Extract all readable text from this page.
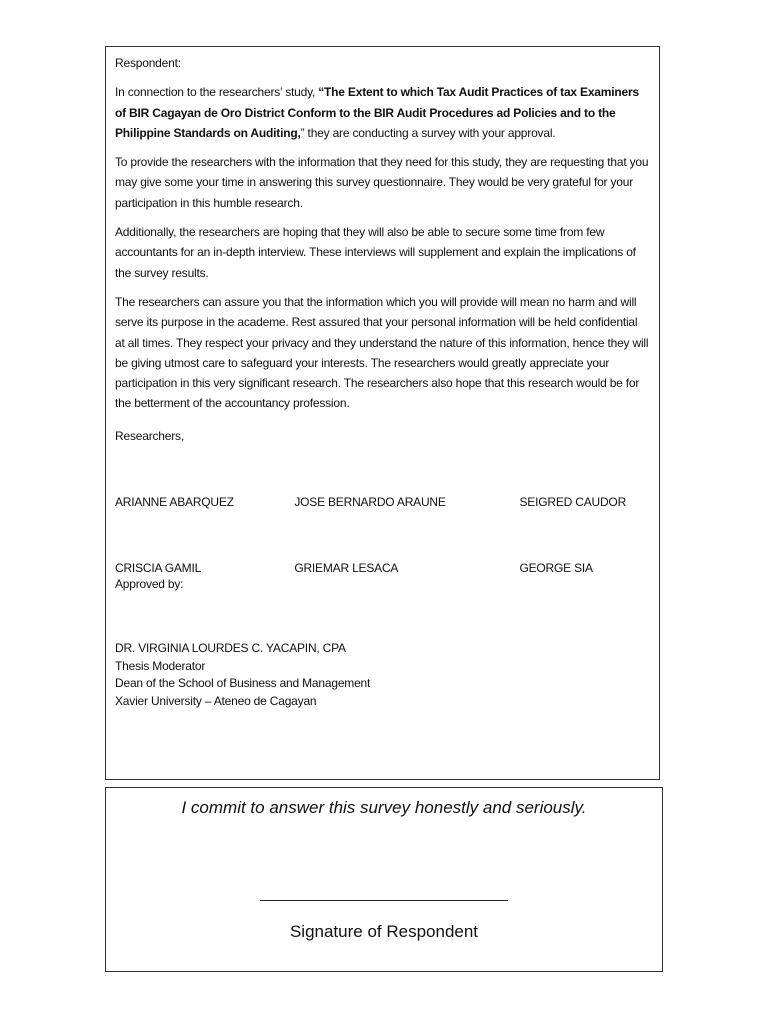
Respondent:

In connection to the researchers’ study, “The Extent to which Tax Audit Practices of tax Examiners of BIR Cagayan de Oro District Conform to the BIR Audit Procedures ad Policies and to the Philippine Standards on Auditing,” they are conducting a survey with your approval.

To provide the researchers with the information that they need for this study, they are requesting that you may give some your time in answering this survey questionnaire. They would be very grateful for your participation in this humble research.

Additionally, the researchers are hoping that they will also be able to secure some time from few accountants for an in-depth interview. These interviews will supplement and explain the implications of the survey results.

The researchers can assure you that the information which you will provide will mean no harm and will serve its purpose in the academe. Rest assured that your personal information will be held confidential at all times. They respect your privacy and they understand the nature of this information, hence they will be giving utmost care to safeguard your interests. The researchers would greatly appreciate your participation in this very significant research. The researchers also hope that this research would be for the betterment of the accountancy profession.

Researchers,

ARIANNE ABARQUEZ	JOSE BERNARDO ARAUNE	SEIGRED CAUDOR
CRISCIA GAMIL	GRIEMAR LESACA	GEORGE SIA

Approved by:

DR. VIRGINIA LOURDES C. YACAPIN, CPA
Thesis Moderator
Dean of the School of Business and Management
Xavier University – Ateneo de Cagayan
I commit to answer this survey honestly and seriously.
Signature of Respondent
